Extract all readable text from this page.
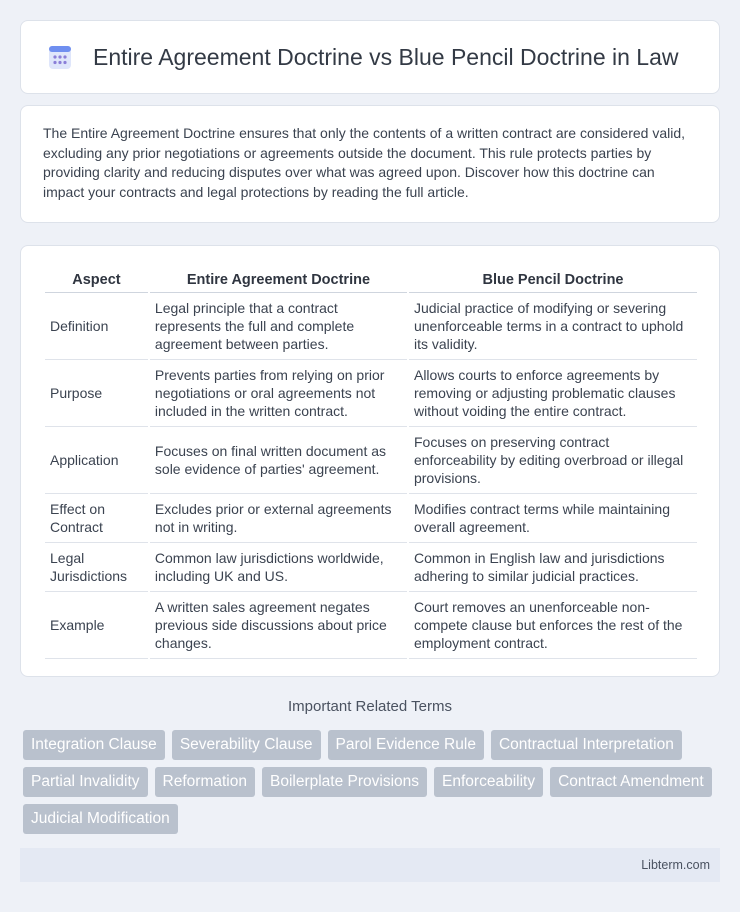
Entire Agreement Doctrine vs Blue Pencil Doctrine in Law

The Entire Agreement Doctrine ensures that only the contents of a written contract are considered valid, excluding any prior negotiations or agreements outside the document. This rule protects parties by providing clarity and reducing disputes over what was agreed upon. Discover how this doctrine can impact your contracts and legal protections by reading the full article.

Aspect	Entire Agreement Doctrine	Blue Pencil Doctrine
Definition	Legal principle that a contract represents the full and complete agreement between parties.	Judicial practice of modifying or severing unenforceable terms in a contract to uphold its validity.
Purpose	Prevents parties from relying on prior negotiations or oral agreements not included in the written contract.	Allows courts to enforce agreements by removing or adjusting problematic clauses without voiding the entire contract.
Application	Focuses on final written document as sole evidence of parties' agreement.	Focuses on preserving contract enforceability by editing overbroad or illegal provisions.
Effect on Contract	Excludes prior or external agreements not in writing.	Modifies contract terms while maintaining overall agreement.
Legal Jurisdictions	Common law jurisdictions worldwide, including UK and US.	Common in English law and jurisdictions adhering to similar judicial practices.
Example	A written sales agreement negates previous side discussions about price changes.	Court removes an unenforceable non-compete clause but enforces the rest of the employment contract.
Important Related Terms
Integration Clause	Severability Clause	Parol Evidence Rule	Contractual Interpretation
Partial Invalidity	Reformation	Boilerplate Provisions	Enforceability	Contract Amendment
Judicial Modification
Libterm.com
